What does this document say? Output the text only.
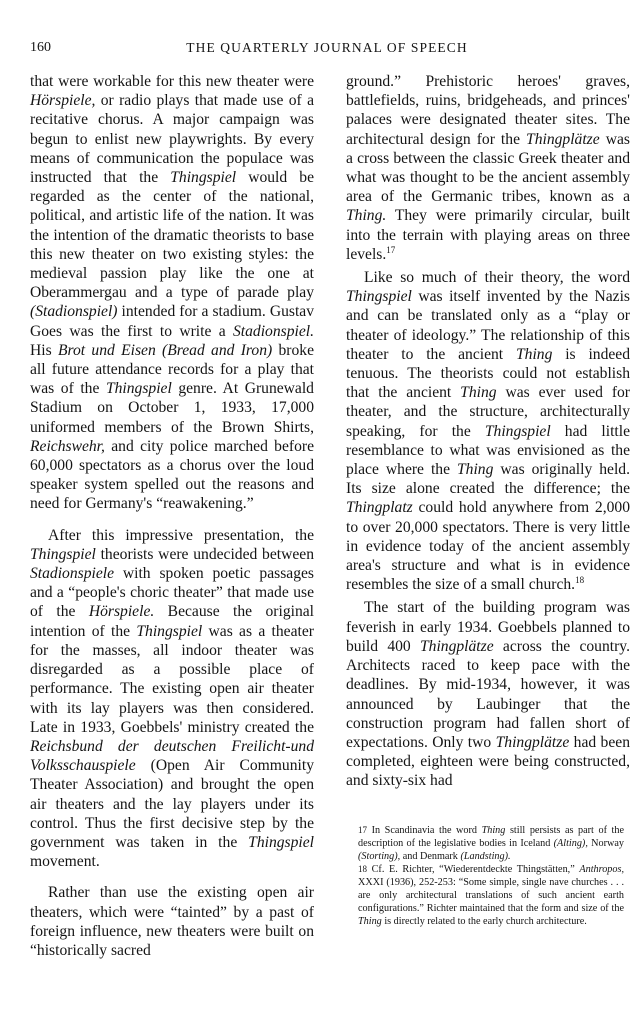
160	THE QUARTERLY JOURNAL OF SPEECH

that were workable for this new theater were Hörspiele, or radio plays that made use of a recitative chorus. A major campaign was begun to enlist new playwrights. By every means of communication the populace was instructed that the Thingspiel would be regarded as the center of the national, political, and artistic life of the nation. It was the intention of the dramatic theorists to base this new theater on two existing styles: the medieval passion play like the one at Oberammergau and a type of parade play (Stadionspiel) intended for a stadium. Gustav Goes was the first to write a Stadionspiel. His Brot und Eisen (Bread and Iron) broke all future attendance records for a play that was of the Thingspiel genre. At Grunewald Stadium on October 1, 1933, 17,000 uniformed members of the Brown Shirts, Reichswehr, and city police marched before 60,000 spectators as a chorus over the loud speaker system spelled out the reasons and need for Germany's “reawakening.”

After this impressive presentation, the Thingspiel theorists were undecided between Stadionspiele with spoken poetic passages and a “people's choric theater” that made use of the Hörspiele. Because the original intention of the Thingspiel was as a theater for the masses, all indoor theater was disregarded as a possible place of performance. The existing open air theater with its lay players was then considered. Late in 1933, Goebbels' ministry created the Reichsbund der deutschen Freilicht-und Volksschauspiele (Open Air Community Theater Association) and brought the open air theaters and the lay players under its control. Thus the first decisive step by the government was taken in the Thingspiel movement.

Rather than use the existing open air theaters, which were “tainted” by a past of foreign influence, new theaters were built on “historically sacred

ground.” Prehistoric heroes' graves, battlefields, ruins, bridgeheads, and princes' palaces were designated theater sites. The architectural design for the Thingplätze was a cross between the classic Greek theater and what was thought to be the ancient assembly area of the Germanic tribes, known as a Thing. They were primarily circular, built into the terrain with playing areas on three levels.$^{17}$

Like so much of their theory, the word Thingspiel was itself invented by the Nazis and can be translated only as a “play or theater of ideology.” The relationship of this theater to the ancient Thing is indeed tenuous. The theorists could not establish that the ancient Thing was ever used for theater, and the structure, architecturally speaking, for the Thingspiel had little resemblance to what was envisioned as the place where the Thing was originally held. Its size alone created the difference; the Thingplatz could hold anywhere from 2,000 to over 20,000 spectators. There is very little in evidence today of the ancient assembly area's structure and what is in evidence resembles the size of a small church.$^{18}$

The start of the building program was feverish in early 1934. Goebbels planned to build 400 Thingplätze across the country. Architects raced to keep pace with the deadlines. By mid-1934, however, it was announced by Laubinger that the construction program had fallen short of expectations. Only two Thingplätze had been completed, eighteen were being constructed, and sixty-six had

17 In Scandinavia the word Thing still persists as part of the description of the legislative bodies in Iceland (Alting), Norway (Storting), and Denmark (Landsting).

18 Cf. E. Richter, “Wiederentdeckte Thingstätten,” Anthropos, XXXI (1936), 252-253: “Some simple, single nave churches . . . are only architectural translations of such ancient earth configurations.” Richter maintained that the form and size of the Thing is directly related to the early church architecture.
